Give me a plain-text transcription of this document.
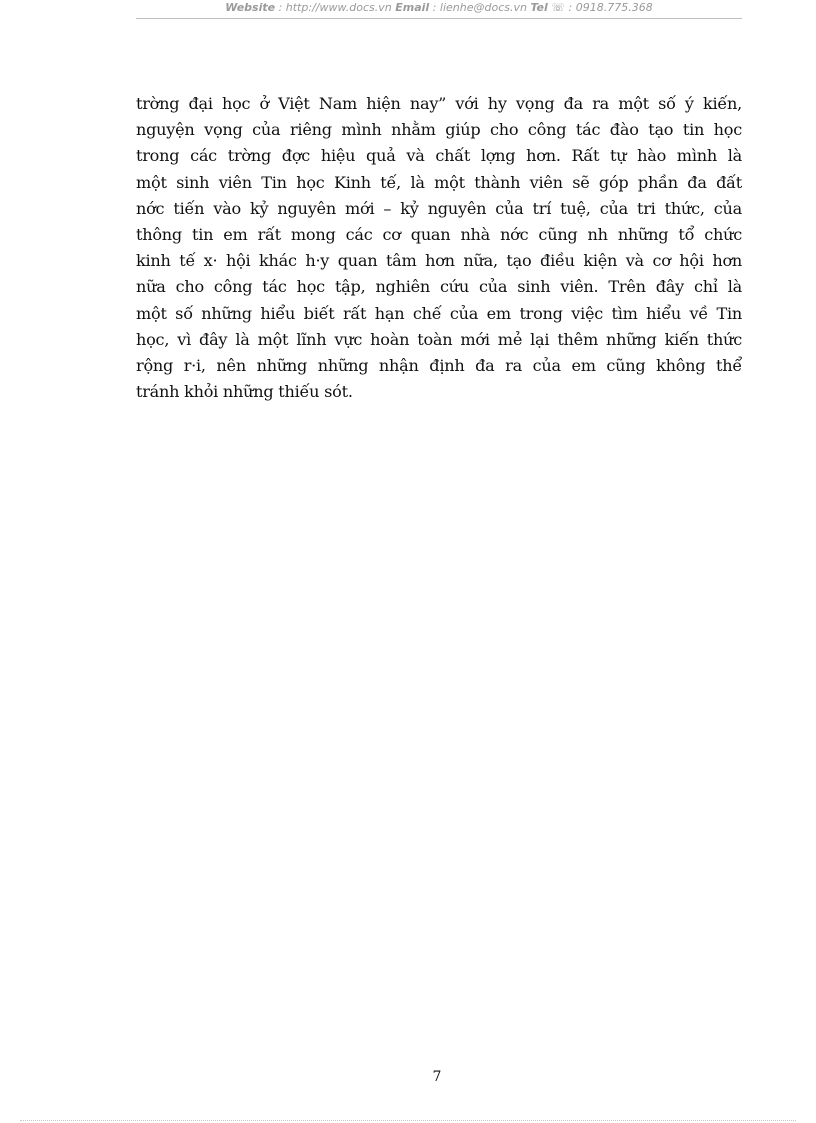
Website : http://www.docs.vn Email : lienhe@docs.vn Tel ☏ : 0918.775.368
trờng đại học ở Việt Nam hiện nay” với hy vọng đa ra một số ý kiến,
nguyện vọng của riêng mình nhằm giúp cho công tác đào tạo tin học
trong các trờng đợc hiệu quả và chất lợng hơn. Rất tự hào mình là
một sinh viên Tin học Kinh tế, là một thành viên sẽ góp phần đa đất
nớc tiến vào kỷ nguyên mới – kỷ nguyên của trí tuệ, của tri thức, của
thông tin em rất mong các cơ quan nhà nớc cũng nh những tổ chức
kinh tế x· hội khác h·y quan tâm hơn nữa, tạo điều kiện và cơ hội hơn
nữa cho công tác học tập, nghiên cứu của sinh viên. Trên đây chỉ là
một số những hiểu biết rất hạn chế của em trong việc tìm hiểu về Tin
học, vì đây là một lĩnh vực hoàn toàn mới mẻ lại thêm những kiến thức
rộng r·i, nên những những nhận định đa ra của em cũng không thể
tránh khỏi những thiếu sót.
7
